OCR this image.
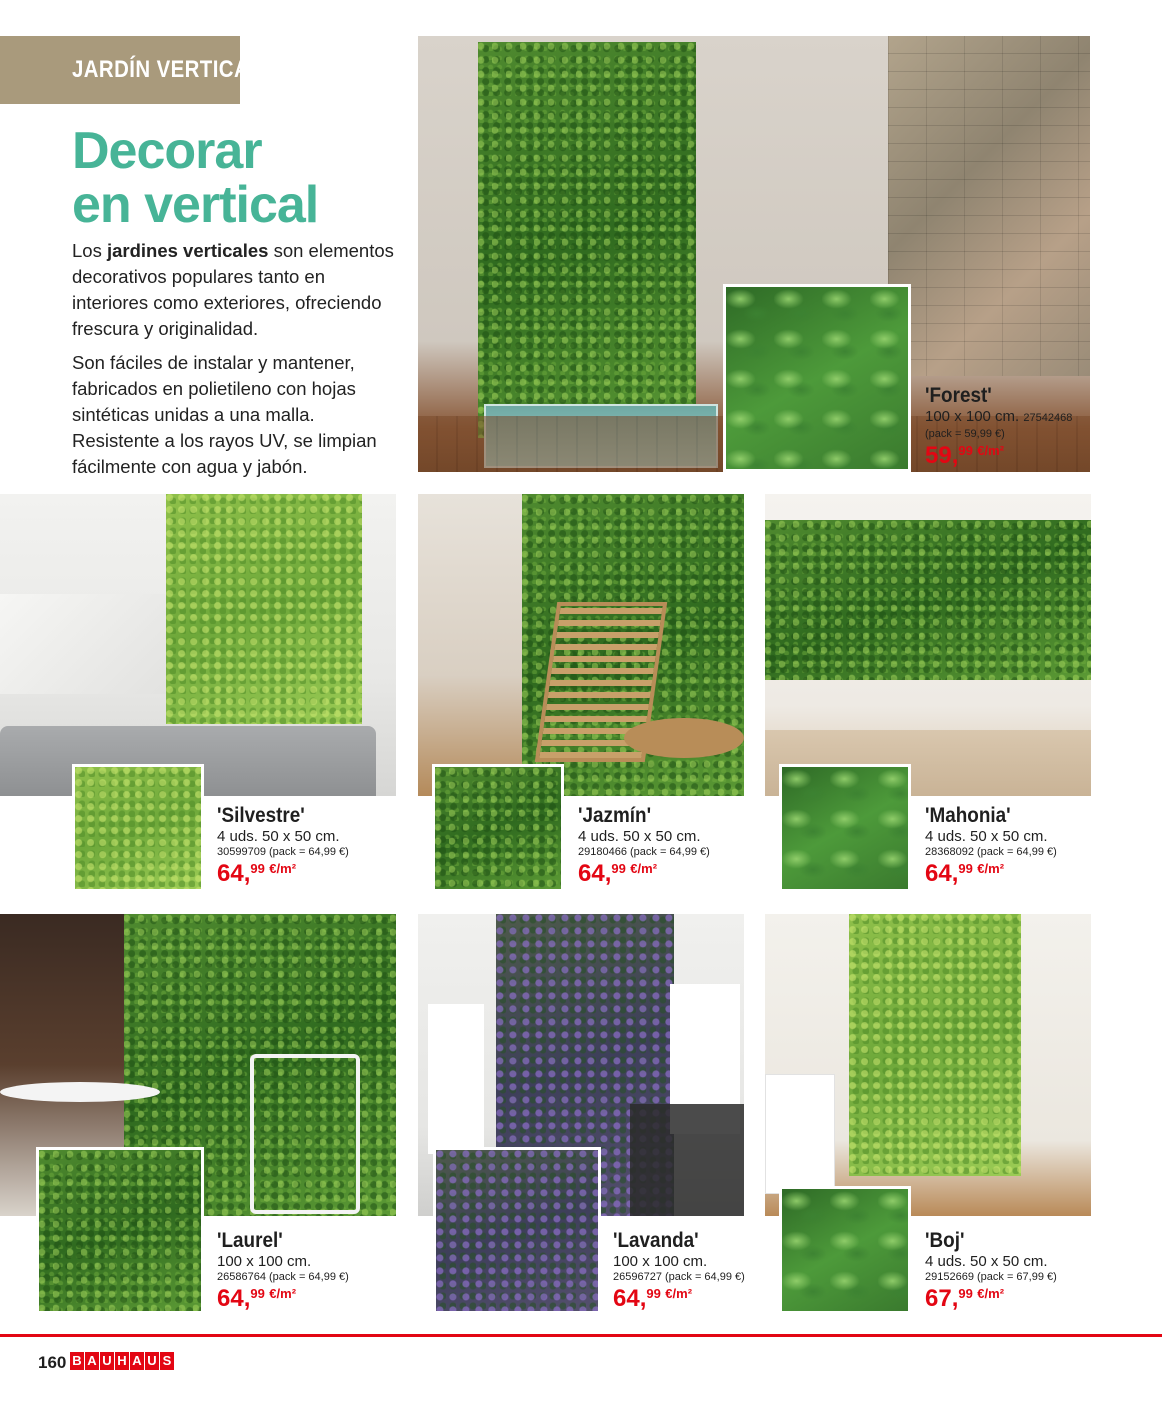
JARDÍN VERTICAL
Decorar
en vertical

Los jardines verticales son elementos decorativos populares tanto en interiores como exteriores, ofreciendo frescura y originalidad.

Son fáciles de instalar y mantener, fabricados en polietileno con hojas sintéticas unidas a una malla. Resistente a los rayos UV, se limpian fácilmente con agua y jabón.

'Forest'
100 x 100 cm. 27542468
(pack = 59,99 €)
59,99 $^{€/m^2}$
'Silvestre'
4 uds. 50 x 50 cm.
30599709 (pack = 64,99 €)
64,99 $^{€/m^2}$
'Jazmín'
4 uds. 50 x 50 cm.
29180466 (pack = 64,99 €)
64,99 $^{€/m^2}$
'Mahonia'
4 uds. 50 x 50 cm.
28368092 (pack = 64,99 €)
64,99 $^{€/m^2}$
'Laurel'
100 x 100 cm.
26586764 (pack = 64,99 €)
64,99 $^{€/m^2}$
'Lavanda'
100 x 100 cm.
26596727 (pack = 64,99 €)
64,99 $^{€/m^2}$
'Boj'
4 uds. 50 x 50 cm.
29152669 (pack = 67,99 €)
67,99 $^{€/m^2}$
160 B A U H A U S
